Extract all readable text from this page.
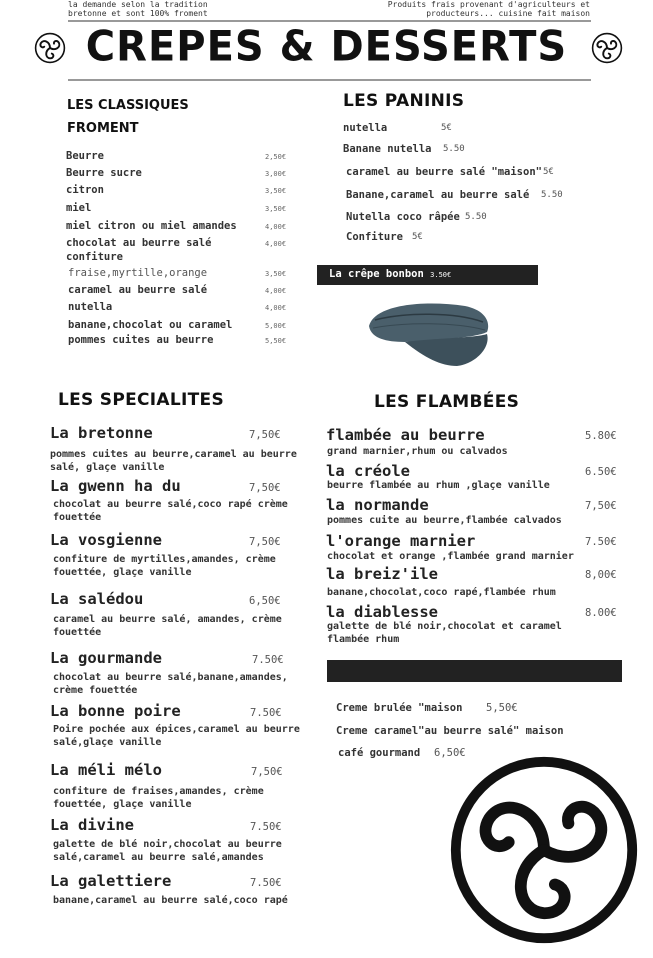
la demande selon la tradition
bretonne et sont 100% froment
Produits frais provenant d'agriculteurs et
producteurs... cuisine fait maison
CREPES & DESSERTS
LES CLASSIQUES
FROMENT
LES PANINIS
La crêpe bonbon 3.50€
LES SPECIALITES	LES FLAMBÉES
Beurre	2,50€
Beurre sucre	3,00€
citron	3,50€
miel	3,50€
miel citron ou miel amandes	4,00€
chocolat au beurre salé	4,00€
confiture
fraise,myrtille,orange	3,50€
caramel au beurre salé	4,00€
nutella	4,00€
banane,chocolat ou caramel	5,00€
pommes cuites au beurre	5,50€
nutella	5€
Banane nutella 5.50
caramel au beurre salé "maison" 5€
Banane,caramel au beurre salé 5.50
Nutella coco râpée 5.50
Confiture 5€
La bretonne	7,50€
pommes cuites au beurre,caramel au beurre salé, glaçe vanille
La gwenn ha du	7,50€
chocolat au beurre salé,coco rapé crème fouettée
La vosgienne	7,50€
confiture de myrtilles,amandes, crème fouettée, glaçe vanille
La salédou	6,50€
caramel au beurre salé, amandes, crème fouettée
La gourmande	7.50€
chocolat au beurre salé,banane,amandes, crème fouettée
La bonne poire	7.50€
Poire pochée aux épices,caramel au beurre salé,glaçe vanille
La méli mélo	7,50€
confiture de fraises,amandes, crème fouettée, glaçe vanille
La divine	7.50€
galette de blé noir,chocolat au beurre salé,caramel au beurre salé,amandes
La galettiere	7.50€
banane,caramel au beurre salé,coco rapé
flambée au beurre	5.80€
grand marnier,rhum ou calvados
la créole	6.50€
beurre flambée au rhum ,glaçe vanille
la normande	7,50€
pommes cuite au beurre,flambée calvados
l'orange marnier	7.50€
chocolat et orange ,flambée grand marnier
la breiz'ile	8,00€
banane,chocolat,coco rapé,flambée rhum
la diablesse	8.00€
galette de blé noir,chocolat et caramel flambée rhum
Creme brulée "maison 5,50€
Creme caramel"au beurre salé" maison
café gourmand 6,50€
